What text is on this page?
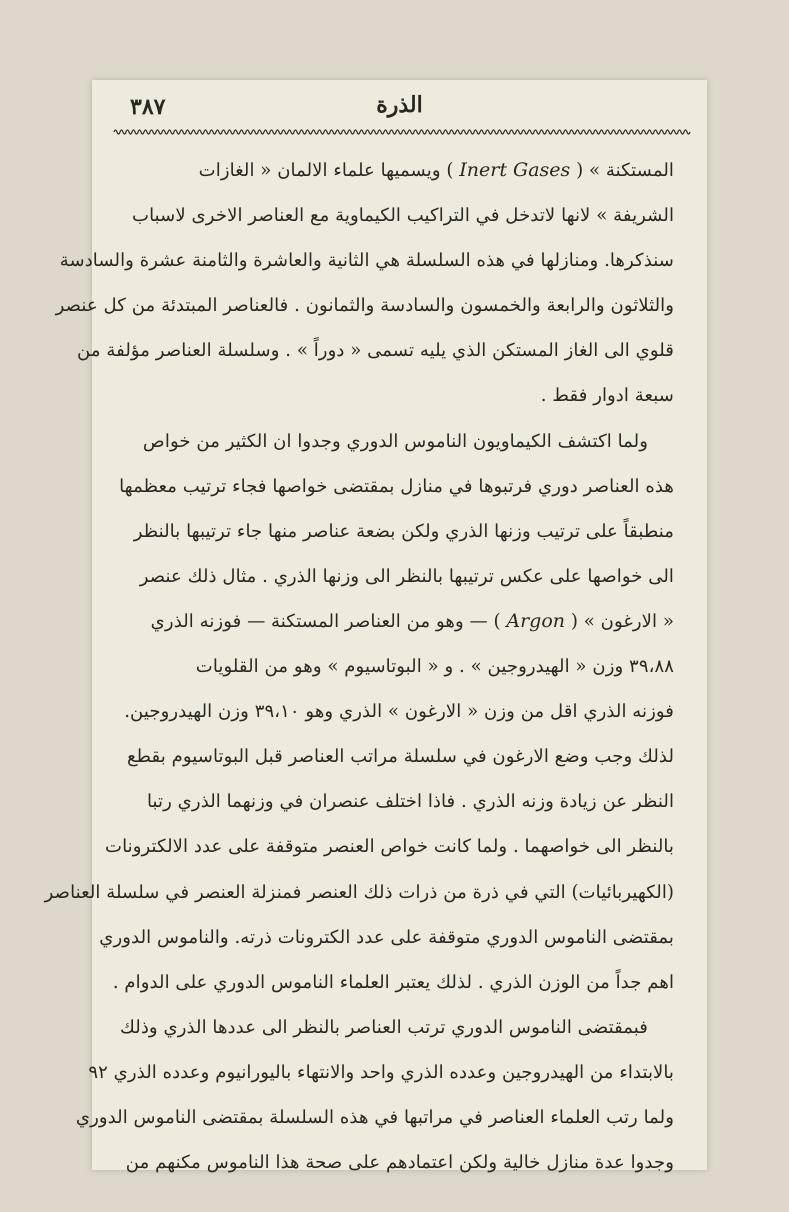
٣٨٧	الذرة
المستكنة » ( Inert Gases ) ويسميها علماء الالمان « الغازات
الشريفة » لانها لاتدخل في التراكيب الكيماوية مع العناصر الاخرى لاسباب
سنذكرها. ومنازلها في هذه السلسلة هي الثانية والعاشرة والثامنة عشرة والسادسة
والثلاثون والرابعة والخمسون والسادسة والثمانون . فالعناصر المبتدئة من كل عنصر
قلوي الى الغاز المستكن الذي يليه تسمى « دوراً » . وسلسلة العناصر مؤلفة من
سبعة ادوار فقط .
ولما اكتشف الكيماويون الناموس الدوري وجدوا ان الكثير من خواص
هذه العناصر دوري فرتبوها في منازل بمقتضى خواصها فجاء ترتيب معظمها
منطبقاً على ترتيب وزنها الذري ولكن بضعة عناصر منها جاء ترتيبها بالنظر
الى خواصها على عكس ترتيبها بالنظر الى وزنها الذري . مثال ذلك عنصر
« الارغون » ( Argon ) — وهو من العناصر المستكنة — فوزنه الذري
٣٩،٨٨ وزن « الهيدروجين » . و « البوتاسيوم » وهو من القلويات
فوزنه الذري اقل من وزن « الارغون » الذري وهو ٣٩،١٠ وزن الهيدروجين.
لذلك وجب وضع الارغون في سلسلة مراتب العناصر قبل البوتاسيوم بقطع
النظر عن زيادة وزنه الذري . فاذا اختلف عنصران في وزنهما الذري رتبا
بالنظر الى خواصهما . ولما كانت خواص العنصر متوقفة على عدد الالكترونات
(الكهيربائيات) التي في ذرة من ذرات ذلك العنصر فمنزلة العنصر في سلسلة العناصر
بمقتضى الناموس الدوري متوقفة على عدد الكترونات ذرته. والناموس الدوري
اهم جداً من الوزن الذري . لذلك يعتبر العلماء الناموس الدوري على الدوام .
فبمقتضى الناموس الدوري ترتب العناصر بالنظر الى عددها الذري وذلك
بالابتداء من الهيدروجين وعدده الذري واحد والانتهاء باليورانيوم وعدده الذري ٩٢
ولما رتب العلماء العناصر في مراتبها في هذه السلسلة بمقتضى الناموس الدوري
وجدوا عدة منازل خالية ولكن اعتمادهم على صحة هذا الناموس مكنهم من
